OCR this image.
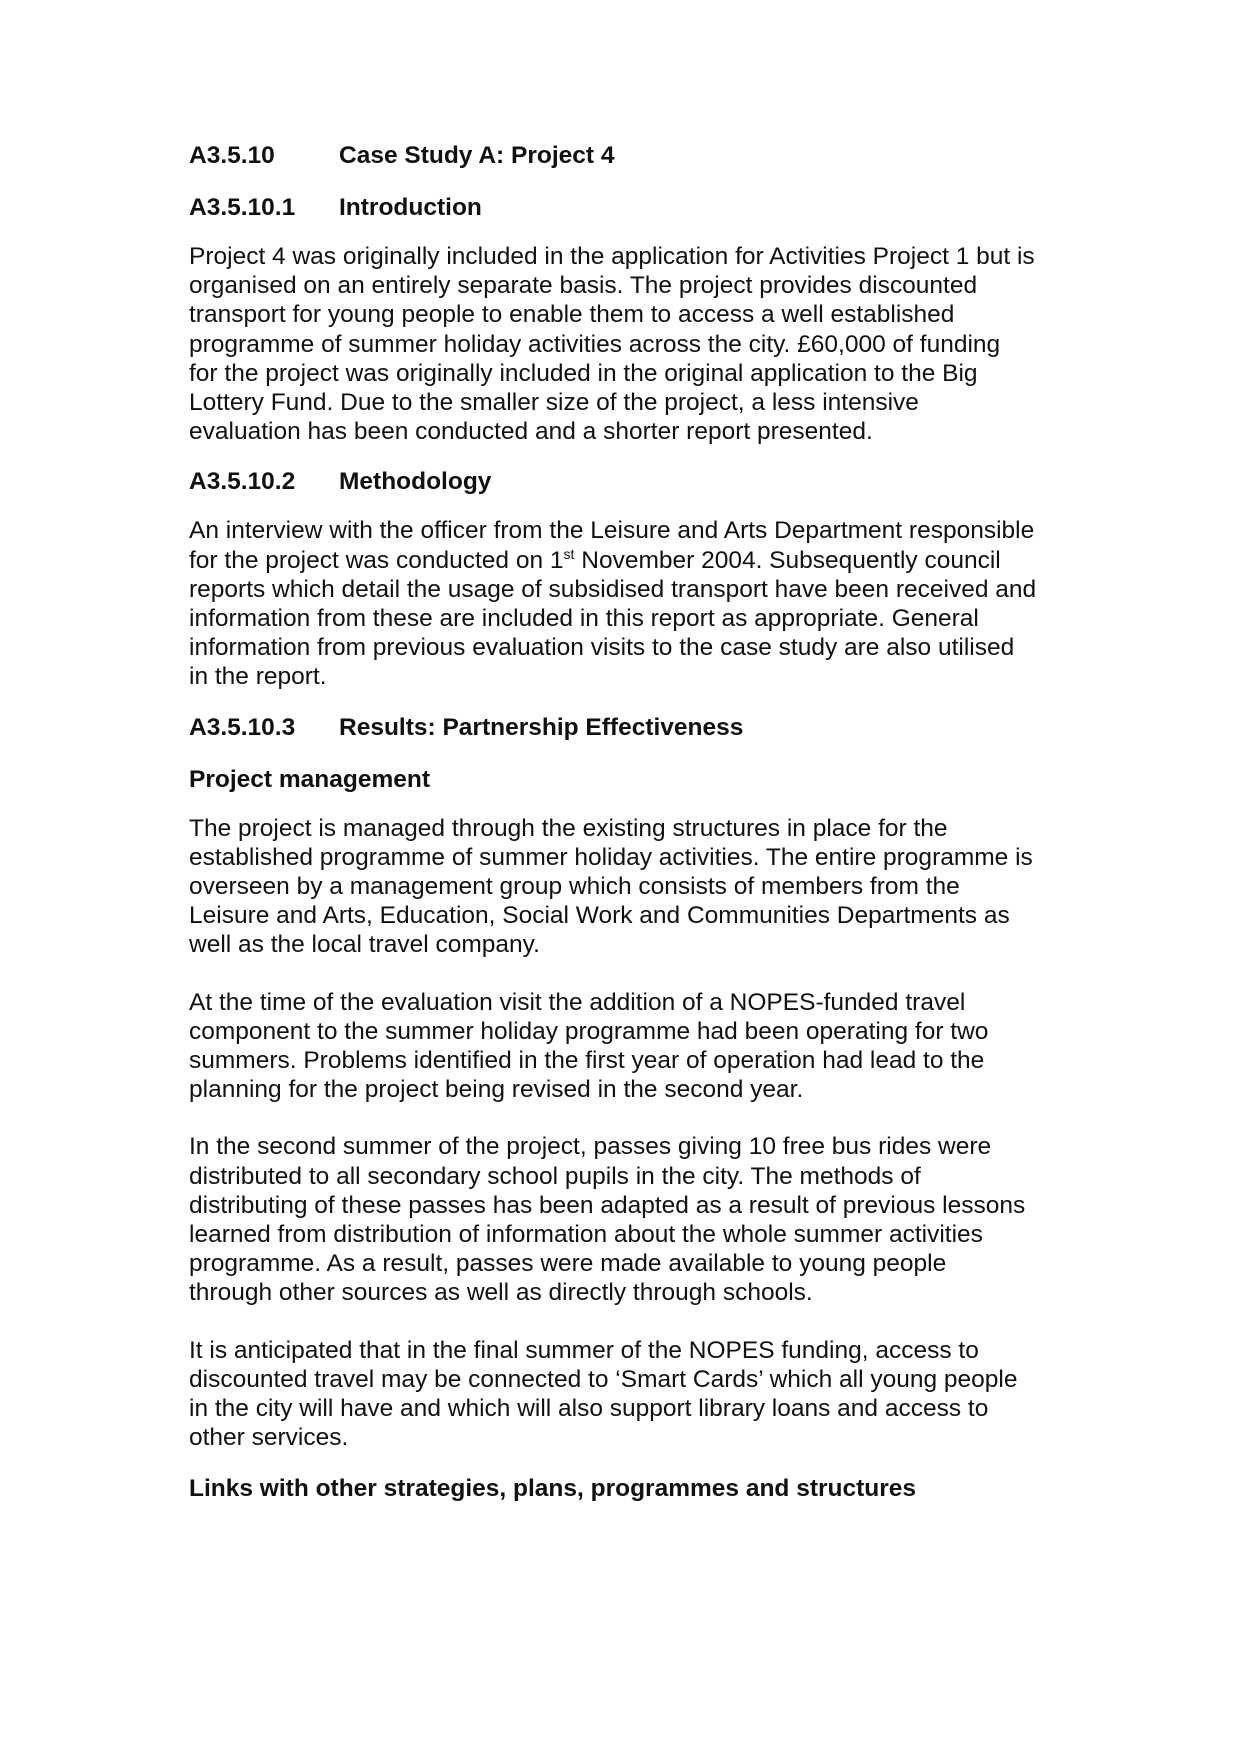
A3.5.10	Case Study A: Project 4
A3.5.10.1	Introduction
Project 4 was originally included in the application for Activities Project 1 but is
organised on an entirely separate basis. The project provides discounted
transport for young people to enable them to access a well established
programme of summer holiday activities across the city. £60,000 of funding
for the project was originally included in the original application to the Big
Lottery Fund. Due to the smaller size of the project, a less intensive
evaluation has been conducted and a shorter report presented.
A3.5.10.2	Methodology
An interview with the officer from the Leisure and Arts Department responsible
for the project was conducted on 1st November 2004. Subsequently council
reports which detail the usage of subsidised transport have been received and
information from these are included in this report as appropriate. General
information from previous evaluation visits to the case study are also utilised
in the report.
A3.5.10.3	Results: Partnership Effectiveness
Project management
The project is managed through the existing structures in place for the
established programme of summer holiday activities. The entire programme is
overseen by a management group which consists of members from the
Leisure and Arts, Education, Social Work and Communities Departments as
well as the local travel company.
At the time of the evaluation visit the addition of a NOPES-funded travel
component to the summer holiday programme had been operating for two
summers. Problems identified in the first year of operation had lead to the
planning for the project being revised in the second year.
In the second summer of the project, passes giving 10 free bus rides were
distributed to all secondary school pupils in the city. The methods of
distributing of these passes has been adapted as a result of previous lessons
learned from distribution of information about the whole summer activities
programme. As a result, passes were made available to young people
through other sources as well as directly through schools.
It is anticipated that in the final summer of the NOPES funding, access to
discounted travel may be connected to ‘Smart Cards’ which all young people
in the city will have and which will also support library loans and access to
other services.
Links with other strategies, plans, programmes and structures
